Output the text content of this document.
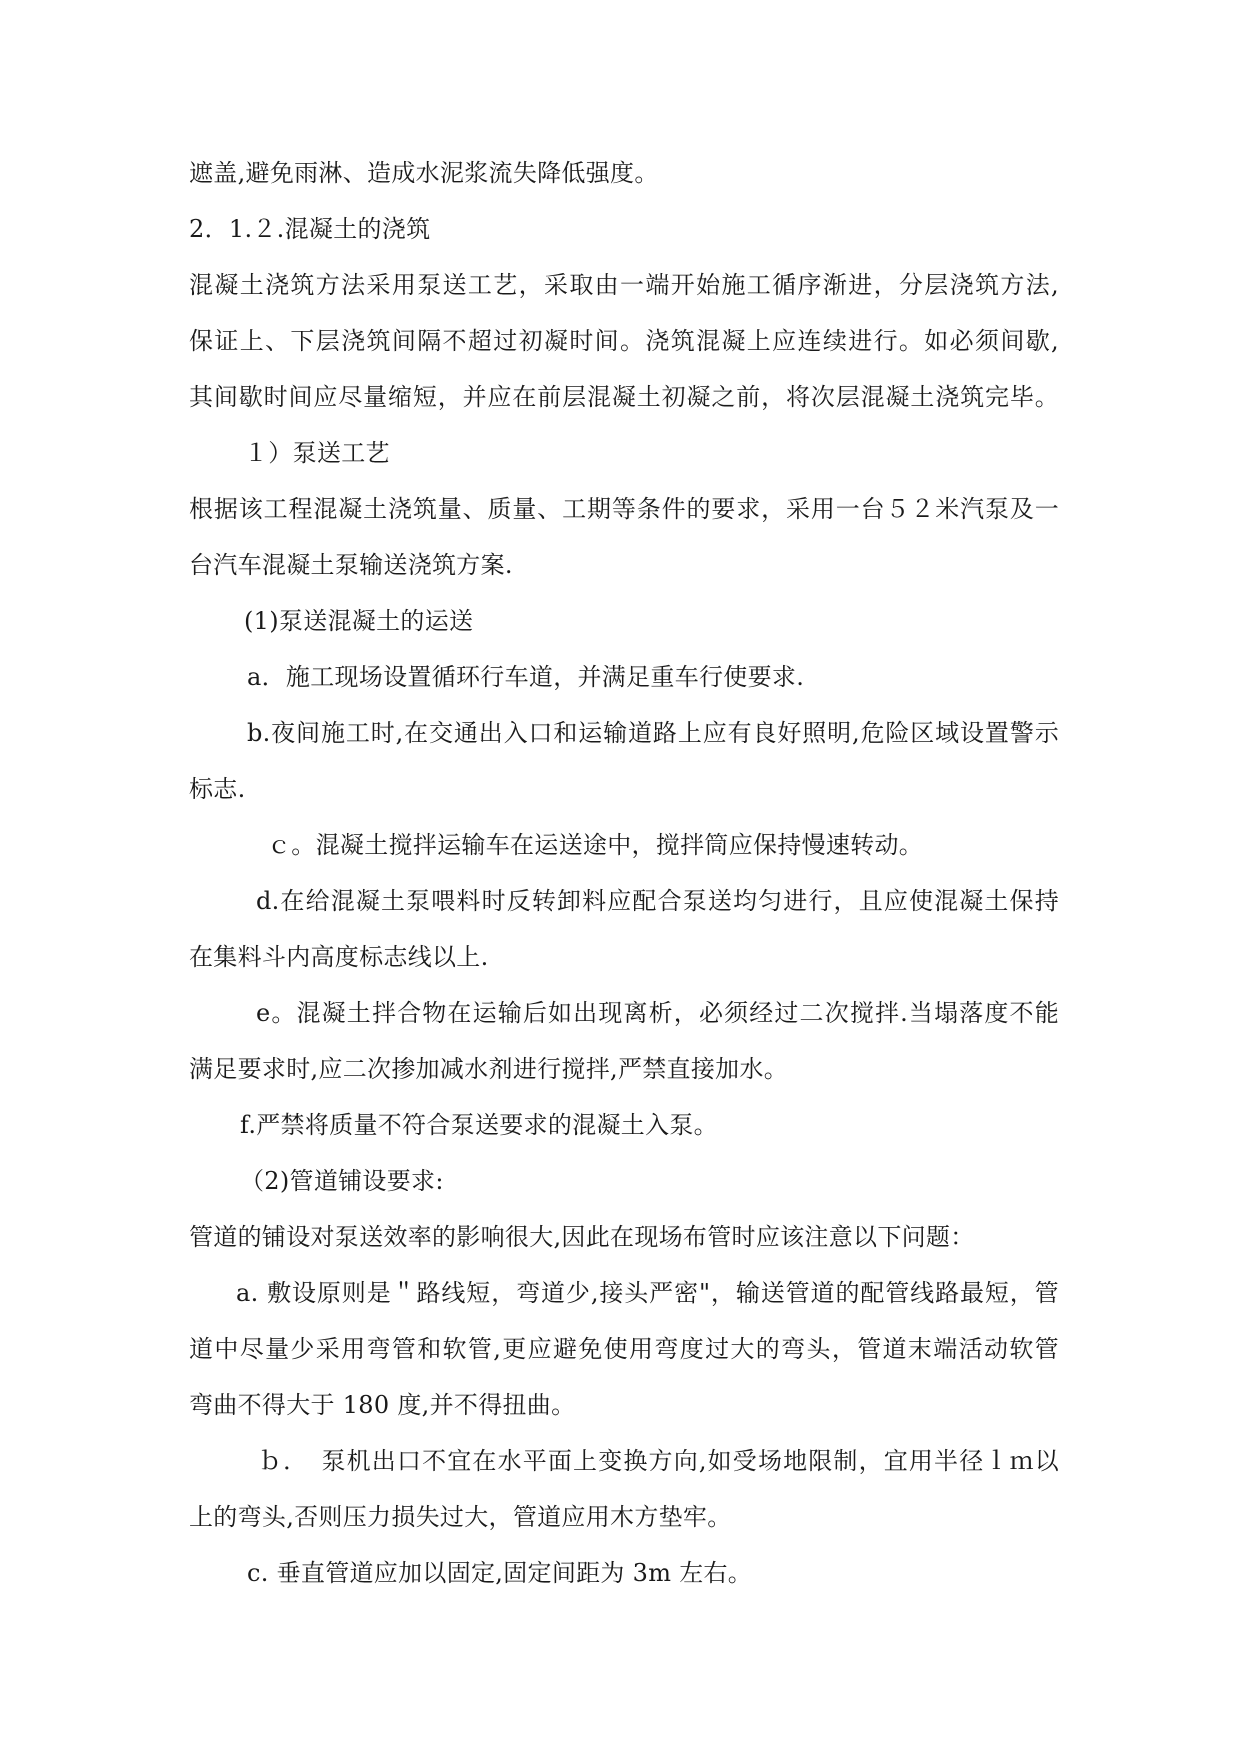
遮盖,避免雨淋、造成水泥浆流失降低强度。
2．1.２.混凝土的浇筑
混凝土浇筑方法采用泵送工艺，采取由一端开始施工循序渐进，分层浇筑方法,
保证上、下层浇筑间隔不超过初凝时间。浇筑混凝上应连续进行。如必须间歇,
其间歇时间应尽量缩短，并应在前层混凝土初凝之前，将次层混凝土浇筑完毕。
１）泵送工艺
根据该工程混凝土浇筑量、质量、工期等条件的要求，采用一台５２米汽泵及一
台汽车混凝土泵输送浇筑方案.
(1)泵送混凝土的运送
a．施工现场设置循环行车道，并满足重车行使要求.
b.夜间施工时,在交通出入口和运输道路上应有良好照明,危险区域设置警示
标志.
ｃ。混凝土搅拌运输车在运送途中，搅拌筒应保持慢速转动。
d.在给混凝土泵喂料时反转卸料应配合泵送均匀进行，且应使混凝土保持
在集料斗内高度标志线以上.
e。混凝土拌合物在运输后如出现离析，必须经过二次搅拌.当塌落度不能
满足要求时,应二次掺加减水剂进行搅拌,严禁直接加水。
f.严禁将质量不符合泵送要求的混凝土入泵。
（2)管道铺设要求:
管道的铺设对泵送效率的影响很大,因此在现场布管时应该注意以下问题：
a. 敷设原则是＂路线短，弯道少,接头严密"，输送管道的配管线路最短，管
道中尽量少采用弯管和软管,更应避免使用弯度过大的弯头，管道末端活动软管
弯曲不得大于 180 度,并不得扭曲。
ｂ．　泵机出口不宜在水平面上变换方向,如受场地限制，宜用半径ｌｍ以
上的弯头,否则压力损失过大，管道应用木方垫牢。
c. 垂直管道应加以固定,固定间距为 3m 左右。
